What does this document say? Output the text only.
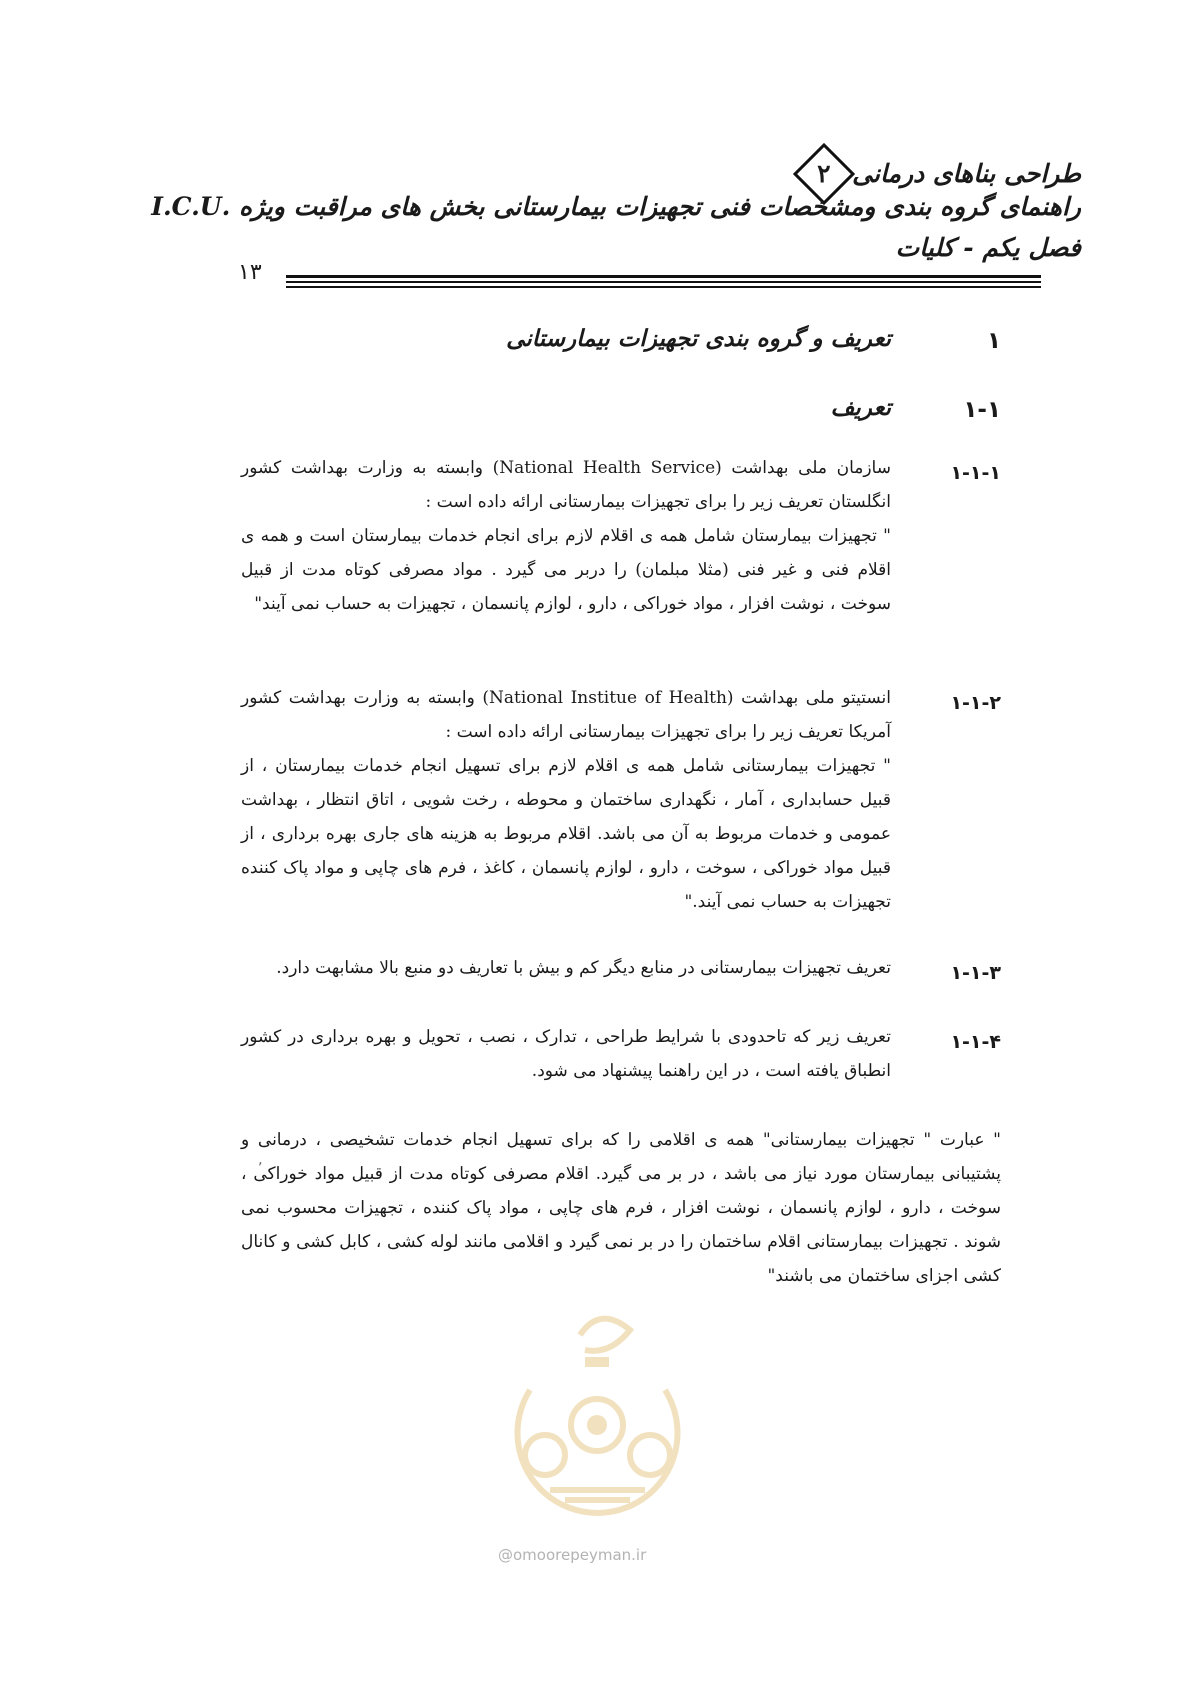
طراحی بناهای درمانی۲
راهنمای گروه بندی ومشخصات فنی تجهیزات بیمارستانی بخش های مراقبت ویژه .I.C.U
فصل یکم - کلیات
۱۳
۱
تعریف و گروه بندی تجهیزات بیمارستانی
۱-۱
تعریف
۱-۱-۱

سازمان ملی بهداشت (National Health Service) وابسته به وزارت بهداشت کشور انگلستان تعریف زیر را برای تجهیزات بیمارستانی ارائه داده است :

" تجهیزات بیمارستان شامل همه ی اقلام لازم برای انجام خدمات بیمارستان است و همه ی اقلام فنی و غیر فنی (مثلا مبلمان) را دربر می گیرد . مواد مصرفی کوتاه مدت از قبیل سوخت ، نوشت افزار ، مواد خوراکی ، دارو ، لوازم پانسمان ، تجهیزات به حساب نمی آیند"

۱-۱-۲

انستیتو ملی بهداشت (National Institue of Health) وابسته به وزارت بهداشت کشور آمریکا تعریف زیر را برای تجهیزات بیمارستانی ارائه داده است :

" تجهیزات بیمارستانی شامل همه ی اقلام لازم برای تسهیل انجام خدمات بیمارستان ، از قبیل حسابداری ، آمار ، نگهداری ساختمان و محوطه ، رخت شویی ، اتاق انتظار ، بهداشت عمومی و خدمات مربوط به آن می باشد. اقلام مربوط به هزینه های جاری بهره برداری ، از قبیل مواد خوراکی ، سوخت ، دارو ، لوازم پانسمان ، کاغذ ، فرم های چاپی و مواد پاک کننده تجهیزات به حساب نمی آیند."

۱-۱-۳
تعریف تجهیزات بیمارستانی در منابع دیگر کم و بیش با تعاریف دو منبع بالا مشابهت دارد.
۱-۱-۴
تعریف زیر که تاحدودی با شرایط طراحی ، تدارک ، نصب ، تحویل و بهره برداری در کشور انطباق یافته است ، در این راهنما پیشنهاد می شود.
" عبارت " تجهیزات بیمارستانی" همه ی اقلامی را که برای تسهیل انجام خدمات تشخیصی ، درمانی و پشتیبانی بیمارستان مورد نیاز می باشد ، در بر می گیرد. اقلام مصرفی کوتاه مدت از قبیل مواد خوراکی ، سوخت ، دارو ، لوازم پانسمان ، نوشت افزار ، فرم های چاپی ، مواد پاک کننده ، تجهیزات محسوب نمی شوند . تجهیزات بیمارستانی اقلام ساختمان را در بر نمی گیرد و اقلامی مانند لوله کشی ، کابل کشی و کانال کشی اجزای ساختمان می باشند"
‚
@omoorepeyman.ir
